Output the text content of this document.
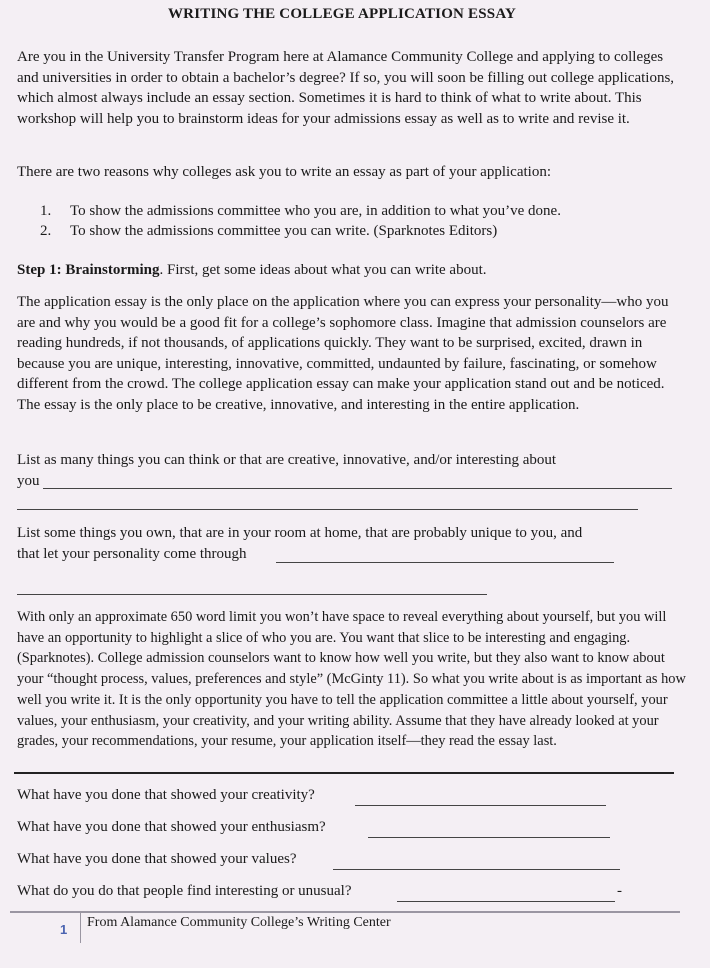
WRITING THE COLLEGE APPLICATION ESSAY
Are you in the University Transfer Program here at Alamance Community College and applying to colleges and universities in order to obtain a bachelor’s degree? If so, you will soon be filling out college applications, which almost always include an essay section. Sometimes it is hard to think of what to write about. This workshop will help you to brainstorm ideas for your admissions essay as well as to write and revise it.
There are two reasons why colleges ask you to write an essay as part of your application:
1.	To show the admissions committee who you are, in addition to what you’ve done.
2.	To show the admissions committee you can write. (Sparknotes Editors)
Step 1: Brainstorming. First, get some ideas about what you can write about.
The application essay is the only place on the application where you can express your personality—who you are and why you would be a good fit for a college’s sophomore class. Imagine that admission counselors are reading hundreds, if not thousands, of applications quickly. They want to be surprised, excited, drawn in because you are unique, interesting, innovative, committed, undaunted by failure, fascinating, or somehow different from the crowd. The college application essay can make your application stand out and be noticed. The essay is the only place to be creative, innovative, and interesting in the entire application.
List as many things you can think or that are creative, innovative, and/or interesting about
you
List some things you own, that are in your room at home, that are probably unique to you, and
that let your personality come through
With only an approximate 650 word limit you won’t have space to reveal everything about yourself, but you will have an opportunity to highlight a slice of who you are. You want that slice to be interesting and engaging. (Sparknotes). College admission counselors want to know how well you write, but they also want to know about your “thought process, values, preferences and style” (McGinty 11). So what you write about is as important as how well you write it. It is the only opportunity you have to tell the application committee a little about yourself, your values, your enthusiasm, your creativity, and your writing ability. Assume that they have already looked at your grades, your recommendations, your resume, your application itself—they read the essay last.
What have you done that showed your creativity?
What have you done that showed your enthusiasm?
What have you done that showed your values?
What do you do that people find interesting or unusual?	-
1 From Alamance Community College’s Writing Center
